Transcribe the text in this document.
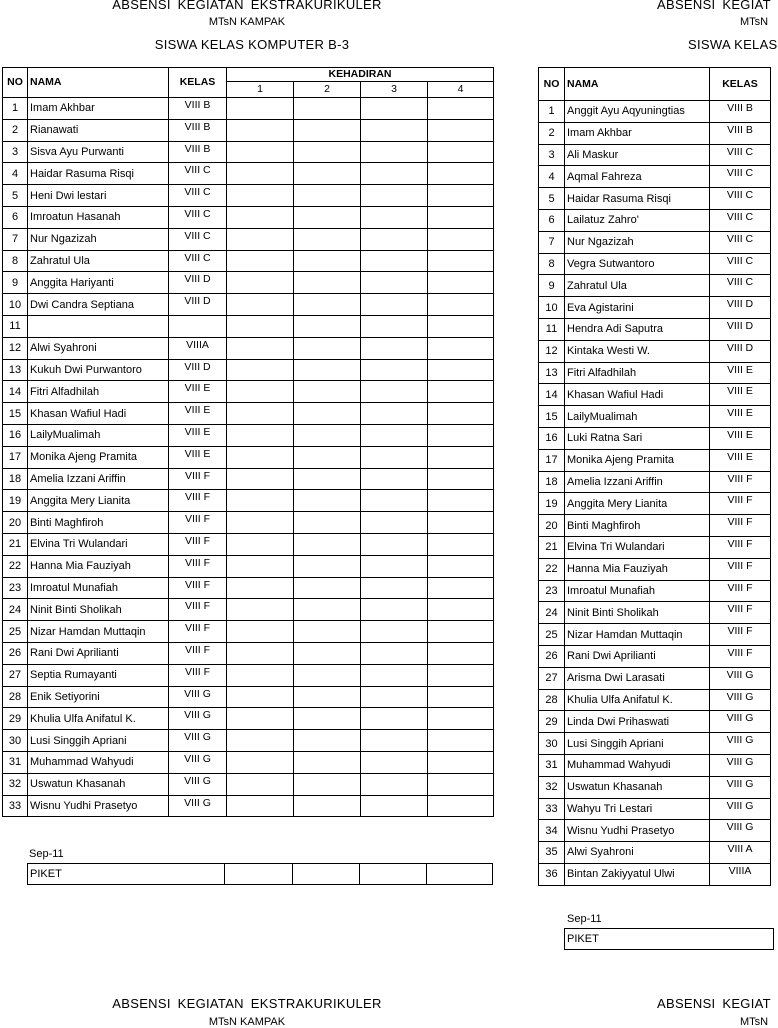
ABSENSI KEGIATAN EKSTRAKURIKULER
MTsN KAMPAK
SISWA KELAS KOMPUTER B-3
NO	NAMA	KELAS	KEHADIRAN			
			1	2	3	4
1	Imam Akhbar	VIII B				
2	Rianawati	VIII B				
3	Sisva Ayu Purwanti	VIII B				
4	Haidar Rasuma Risqi	VIII C				
5	Heni Dwi lestari	VIII C				
6	Imroatun Hasanah	VIII C				
7	Nur Ngazizah	VIII C				
8	Zahratul Ula	VIII C				
9	Anggita Hariyanti	VIII D				
10	Dwi Candra Septiana	VIII D				
11						
12	Alwi Syahroni	VIIIA				
13	Kukuh Dwi Purwantoro	VIII D				
14	Fitri Alfadhilah	VIII E				
15	Khasan Wafiul Hadi	VIII E				
16	LailyMualimah	VIII E				
17	Monika Ajeng Pramita	VIII E				
18	Amelia Izzani Ariffin	VIII F				
19	Anggita Mery Lianita	VIII F				
20	Binti Maghfiroh	VIII F				
21	Elvina Tri Wulandari	VIII F				
22	Hanna Mia Fauziyah	VIII F				
23	Imroatul Munafiah	VIII F				
24	Ninit Binti Sholikah	VIII F				
25	Nizar Hamdan Muttaqin	VIII F				
26	Rani Dwi Aprilianti	VIII F				
27	Septia Rumayanti	VIII F				
28	Enik Setiyorini	VIII G				
29	Khulia Ulfa Anifatul K.	VIII G				
30	Lusi Singgih Apriani	VIII G				
31	Muhammad Wahyudi	VIII G				
32	Uswatun Khasanah	VIII G				
33	Wisnu Yudhi Prasetyo	VIII G				
Sep-11
PIKET				
ABSENSI KEGIAT
MTsN
SISWA KELAS
NO	NAMA	KELAS
1	Anggit Ayu Aqyuningtias	VIII B
2	Imam Akhbar	VIII B
3	Ali Maskur	VIII C
4	Aqmal Fahreza	VIII C
5	Haidar Rasuma Risqi	VIII C
6	Lailatuz Zahro'	VIII C
7	Nur Ngazizah	VIII C
8	Vegra Sutwantoro	VIII C
9	Zahratul Ula	VIII C
10	Eva Agistarini	VIII D
11	Hendra Adi Saputra	VIII D
12	Kintaka Westi W.	VIII D
13	Fitri Alfadhilah	VIII E
14	Khasan Wafiul Hadi	VIII E
15	LailyMualimah	VIII E
16	Luki Ratna Sari	VIII E
17	Monika Ajeng Pramita	VIII E
18	Amelia Izzani Ariffin	VIII F
19	Anggita Mery Lianita	VIII F
20	Binti Maghfiroh	VIII F
21	Elvina Tri Wulandari	VIII F
22	Hanna Mia Fauziyah	VIII F
23	Imroatul Munafiah	VIII F
24	Ninit Binti Sholikah	VIII F
25	Nizar Hamdan Muttaqin	VIII F
26	Rani Dwi Aprilianti	VIII F
27	Arisma Dwi Larasati	VIII G
28	Khulia Ulfa Anifatul K.	VIII G
29	Linda Dwi Prihaswati	VIII G
30	Lusi Singgih Apriani	VIII G
31	Muhammad Wahyudi	VIII G
32	Uswatun Khasanah	VIII G
33	Wahyu Tri Lestari	VIII G
34	Wisnu Yudhi Prasetyo	VIII G
35	Alwi Syahroni	VIII A
36	Bintan Zakiyyatul Ulwi	VIIIA
Sep-11
PIKET
ABSENSI KEGIATAN EKSTRAKURIKULER
MTsN KAMPAK
ABSENSI KEGIAT
MTsN
